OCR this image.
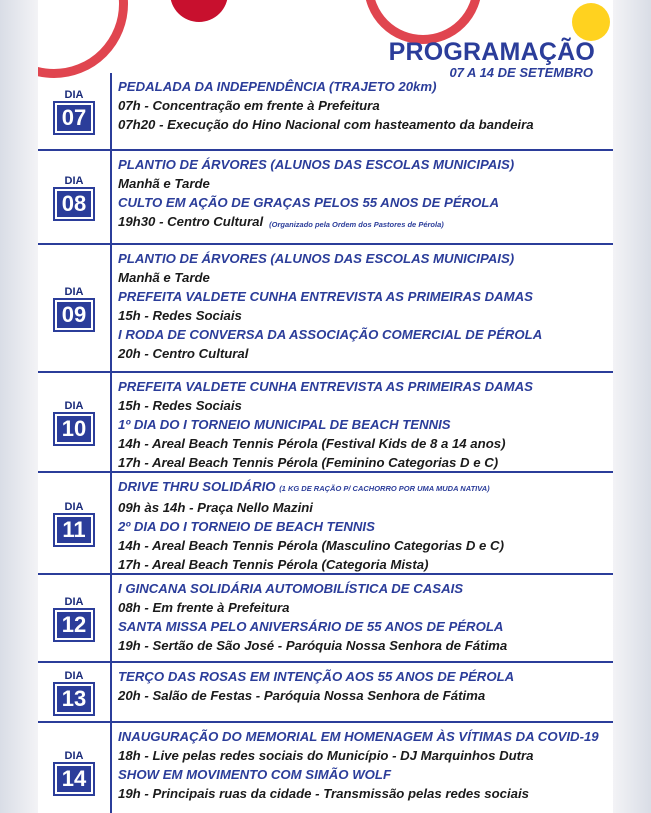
PROGRAMAÇÃO
07 A 14 DE SETEMBRO
DIA
07
PEDALADA DA INDEPENDÊNCIA (TRAJETO 20km)
07h - Concentração em frente à Prefeitura
07h20 - Execução do Hino Nacional com hasteamento da bandeira
DIA
08
PLANTIO DE ÁRVORES (ALUNOS DAS ESCOLAS MUNICIPAIS)
Manhã e Tarde
CULTO EM AÇÃO DE GRAÇAS PELOS 55 ANOS DE PÉROLA
19h30 - Centro Cultural (Organizado pela Ordem dos Pastores de Pérola)
DIA
09
PLANTIO DE ÁRVORES (ALUNOS DAS ESCOLAS MUNICIPAIS)
Manhã e Tarde
PREFEITA VALDETE CUNHA ENTREVISTA AS PRIMEIRAS DAMAS
15h - Redes Sociais
I RODA DE CONVERSA DA ASSOCIAÇÃO COMERCIAL DE PÉROLA
20h - Centro Cultural
DIA
10
PREFEITA VALDETE CUNHA ENTREVISTA AS PRIMEIRAS DAMAS
15h - Redes Sociais
1º DIA DO I TORNEIO MUNICIPAL DE BEACH TENNIS
14h - Areal Beach Tennis Pérola (Festival Kids de 8 a 14 anos)
17h - Areal Beach Tennis Pérola (Feminino Categorias D e C)
DIA
11
DRIVE THRU SOLIDÁRIO (1 KG DE RAÇÃO P/ CACHORRO POR UMA MUDA NATIVA)
09h às 14h - Praça Nello Mazini
2º DIA DO I TORNEIO DE BEACH TENNIS
14h - Areal Beach Tennis Pérola (Masculino Categorias D e C)
17h - Areal Beach Tennis Pérola (Categoria Mista)
DIA
12
I GINCANA SOLIDÁRIA AUTOMOBILÍSTICA DE CASAIS
08h - Em frente à Prefeitura
SANTA MISSA PELO ANIVERSÁRIO DE 55 ANOS DE PÉROLA
19h - Sertão de São José - Paróquia Nossa Senhora de Fátima
DIA
13
TERÇO DAS ROSAS EM INTENÇÃO AOS 55 ANOS DE PÉROLA
20h - Salão de Festas - Paróquia Nossa Senhora de Fátima
DIA
14
INAUGURAÇÃO DO MEMORIAL EM HOMENAGEM ÀS VÍTIMAS DA COVID-19
18h - Live pelas redes sociais do Município - DJ Marquinhos Dutra
SHOW EM MOVIMENTO COM SIMÃO WOLF
19h - Principais ruas da cidade - Transmissão pelas redes sociais
